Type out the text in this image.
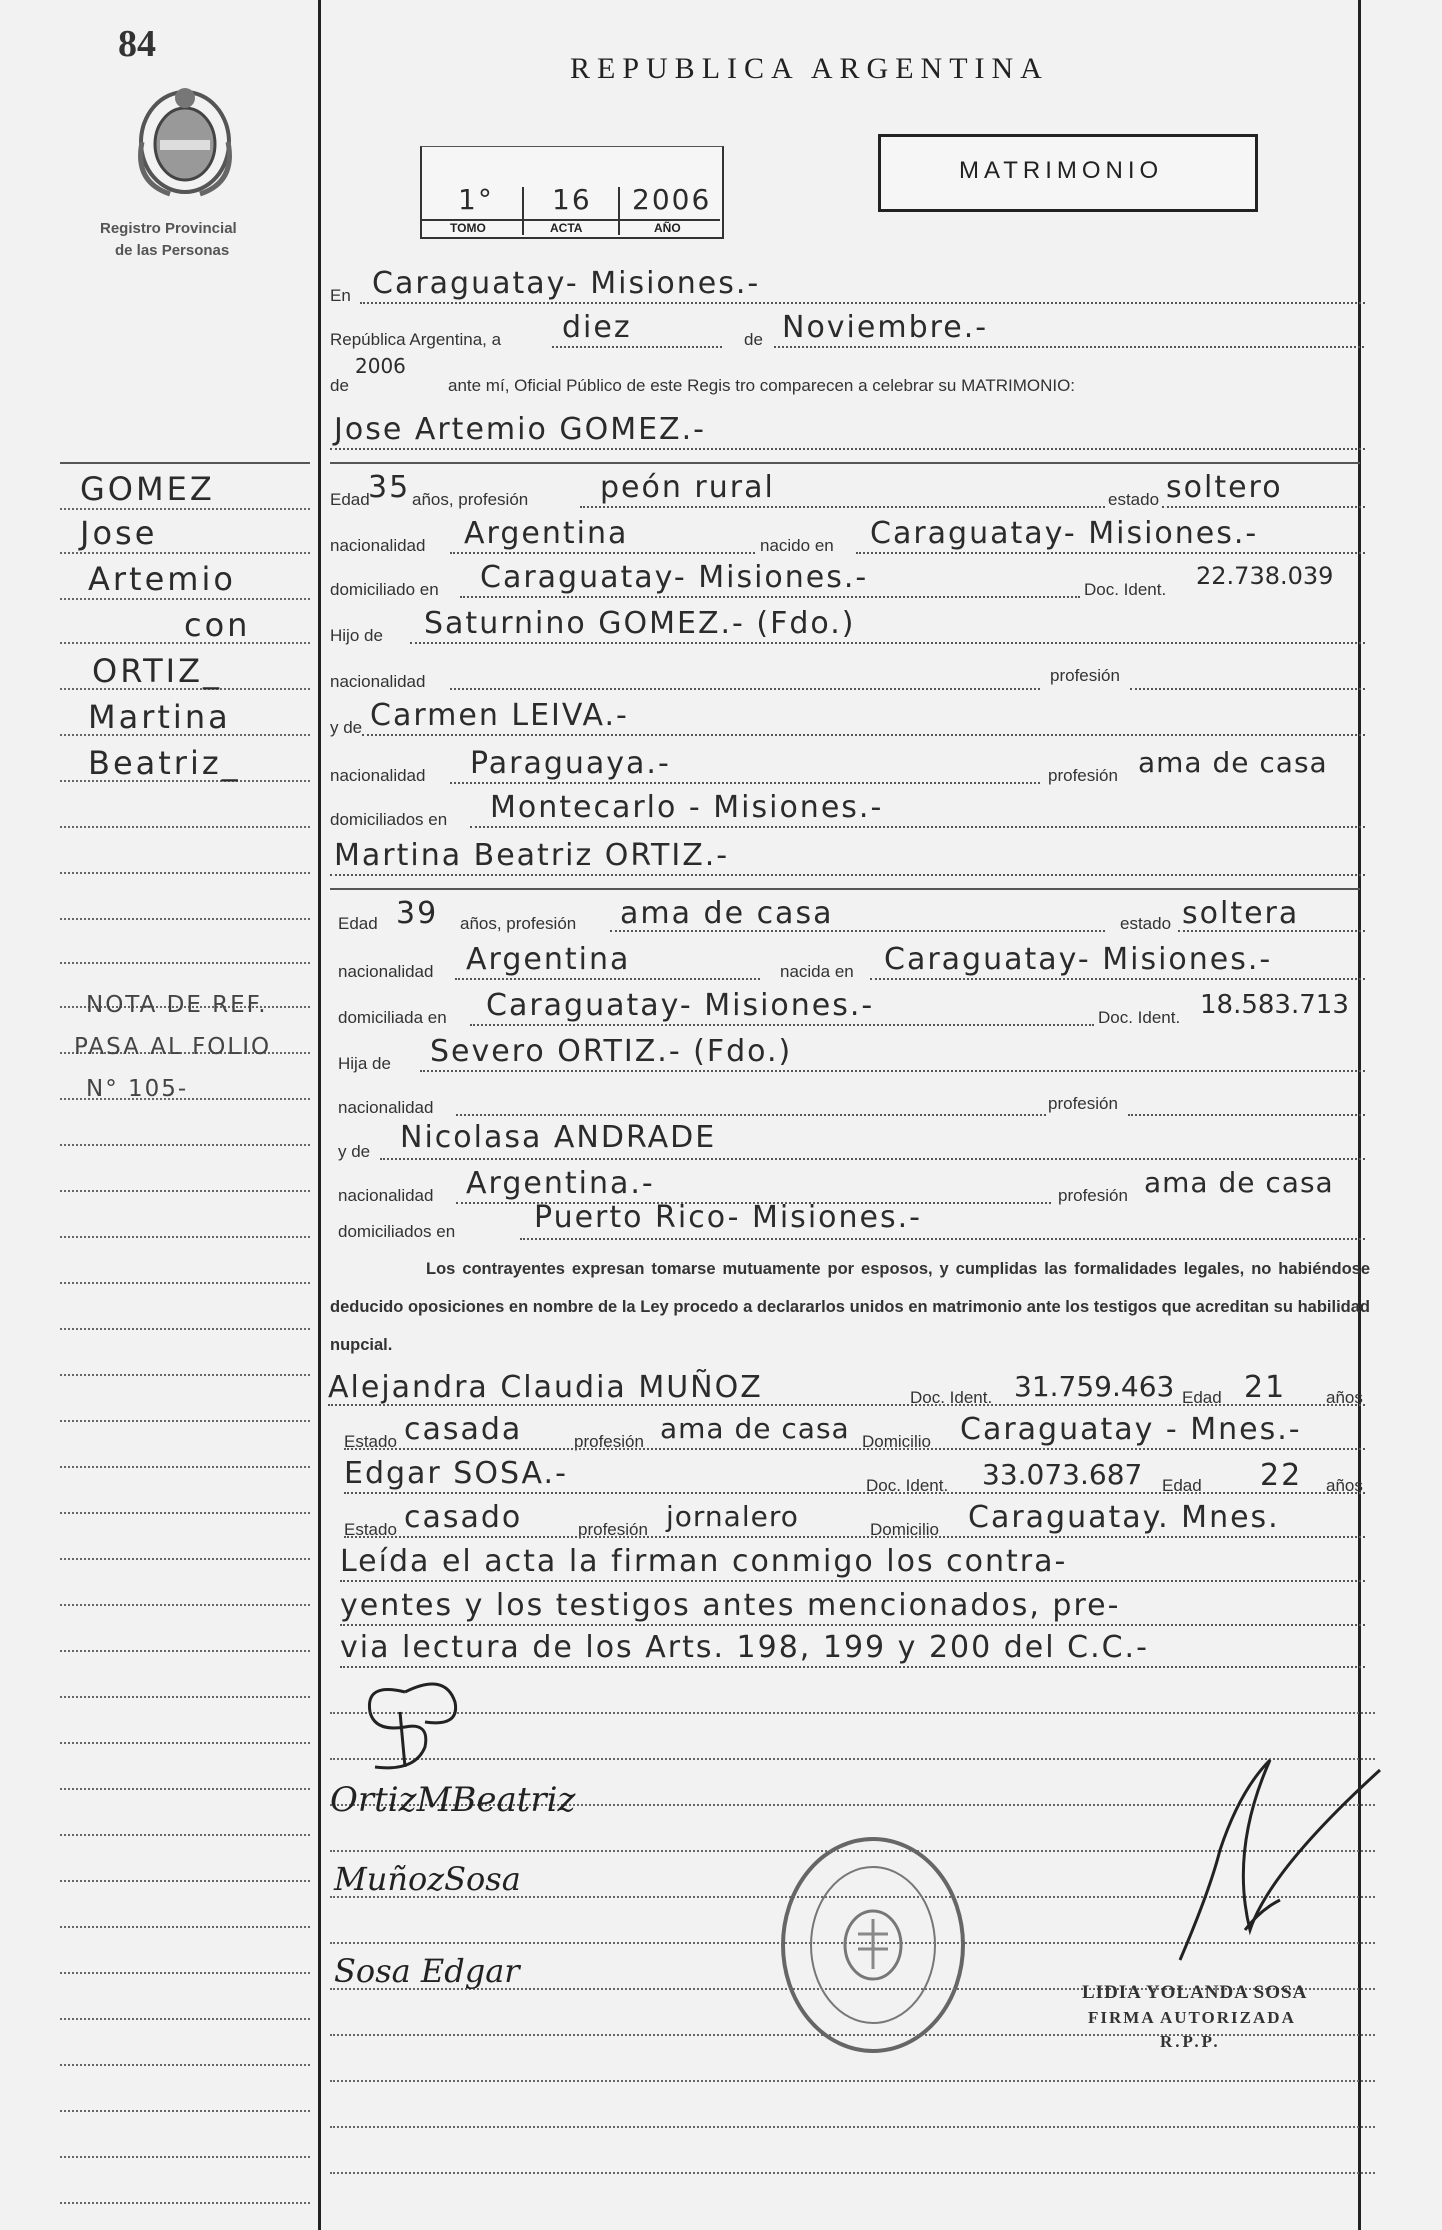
84
Registro Provincial
de las Personas
REPUBLICA ARGENTINA
1° 16 2006
TOMO	ACTA	AÑO
MATRIMONIO
GOMEZ
Jose
Artemio
con
ORTIZ_
Martina
Beatriz_
NOTA DE REF.
PASA AL FOLIO
N° 105-
En Caraguatay- Misiones.-
República Argentina, a diez	de Noviembre.-
de
2006
ante mí, Oficial Público de este Regis tro comparecen a celebrar su MATRIMONIO:
Jose Artemio GOMEZ.-
Edad
35 años, profesión peón rural	estado soltero
nacionalidad Argentina	nacido en Caraguatay- Misiones.-
domiciliado en Caraguatay- Misiones.-	Doc. Ident. 22.738.039
Hijo de Saturnino GOMEZ.- (Fdo.)
nacionalidad	profesión
y de Carmen LEIVA.-
nacionalidad Paraguaya.-	profesión ama de casa
domiciliados en Montecarlo - Misiones.-
Martina Beatriz ORTIZ.-
Edad 39 años, profesión ama de casa	estado soltera
nacionalidad Argentina	nacida en Caraguatay- Misiones.-
domiciliada en Caraguatay- Misiones.-	Doc. Ident. 18.583.713
Hija de Severo ORTIZ.- (Fdo.)
nacionalidad	profesión
y de Nicolasa ANDRADE
nacionalidad Argentina.-	profesión ama de casa
domiciliados en	Puerto Rico- Misiones.-
Los contrayentes expresan tomarse mutuamente por esposos, y cumplidas las formalidades legales, no habiéndose deducido oposiciones en nombre de la Ley procedo a declararlos unidos en matrimonio ante los testigos que acreditan su habilidad nupcial.
Alejandra Claudia MUÑOZ	Doc. Ident. 31.759.463 Edad 21 años
Estado casada	profesión ama de casa Domicilio Caraguatay - Mnes.-
Edgar SOSA.-	Doc. Ident. 33.073.687 Edad 22 años
Estado casado	profesión jornalero	Domicilio Caraguatay. Mnes.
Leída el acta la firman conmigo los contra-
yentes y los testigos antes mencionados, pre-
via lectura de los Arts. 198, 199 y 200 del C.C.-
OrtizMBeatriz
MuñozSosa
Sosa Edgar
LIDIA YOLANDA SOSA
FIRMA AUTORIZADA
R.P.P.
